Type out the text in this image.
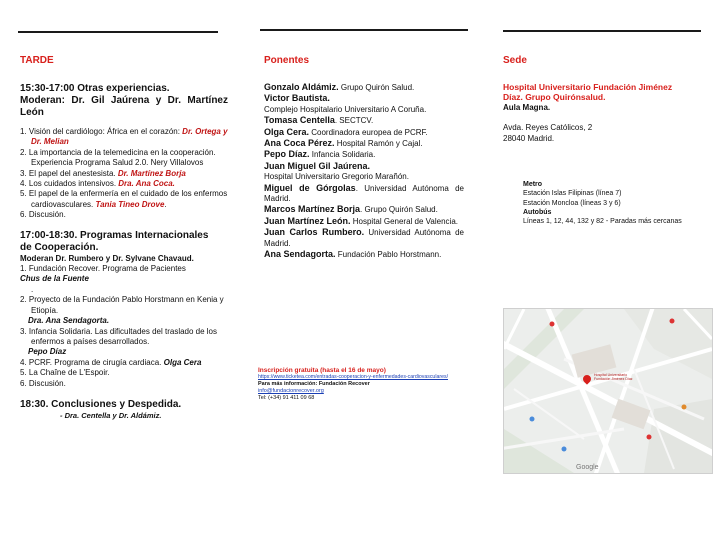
TARDE
15:30-17:00 Otras experiencias.
Moderan: Dr. Gil Jaúrena y Dr. Martínez
León
1. Visión del cardiólogo: África en el corazón: Dr. Ortega y Dr. Melian
2. La importancia de la telemedicina en la cooperación. Experiencia Programa Salud 2.0. Nery Villalovos
3. El papel del anestesista. Dr. Martínez Borja
4. Los cuidados intensivos. Dra. Ana Coca.
5. El papel de la enfermería en el cuidado de los enfermos cardiovasculares. Tania Tineo Drove.
6. Discusión.
17:00-18:30. Programas Internacionales
de Cooperación.
Moderan Dr. Rumbero y Dr. Sylvane Chavaud.
1. Fundación Recover. Programa de Pacientes
Chus de la Fuente
.
2. Proyecto de la Fundación Pablo Horstmann en Kenia y Etiopía.
Dra. Ana Sendagorta.
3. Infancia Solidaria. Las dificultades del traslado de los enfermos a países desarrollados.
Pepo Díaz
4. PCRF. Programa de cirugía cardiaca. Olga Cera
5. La Chaîne de L'Espoir.
6. Discusión.
18:30. Conclusiones y Despedida.
- Dra. Centella y Dr. Aldámiz.
Ponentes
Gonzalo Aldámiz. Grupo Quirón Salud.
Victor Bautista.
Complejo Hospitalario Universitario A Coruña.
Tomasa Centella. SECTCV.
Olga Cera. Coordinadora europea de PCRF.
Ana Coca Pérez. Hospital Ramón y Cajal.
Pepo Díaz. Infancia Solidaria.
Juan Miguel Gil Jaúrena.
Hospital Universitario Gregorio Marañón.
Miguel de Górgolas. Universidad Autónoma de Madrid.
Marcos Martínez Borja. Grupo Quirón Salud.
Juan Martínez León. Hospital General de Valencia.
Juan Carlos Rumbero. Universidad Autónoma de Madrid.
Ana Sendagorta. Fundación Pablo Horstmann.
Inscripción gratuita (hasta el 16 de mayo)
https://www.ticketea.com/entradas-cooperacion-y-enfermedades-cardiovasculares/
Para más información: Fundación Recover
info@fundacionrecover.org
Tel: (+34) 91 411 09 68
Sede
Hospital Universitario Fundación Jiménez
Díaz. Grupo Quirónsalud.
Aula Magna.
Avda. Reyes Católicos, 2
28040 Madrid.
Metro
Estación Islas Filipinas (línea 7)
Estación Moncloa (líneas 3 y 6)
Autobús
Líneas 1, 12, 44, 132 y 82 - Paradas más cercanas
Hospital Universitario Fundación Jiménez Díaz
Google
